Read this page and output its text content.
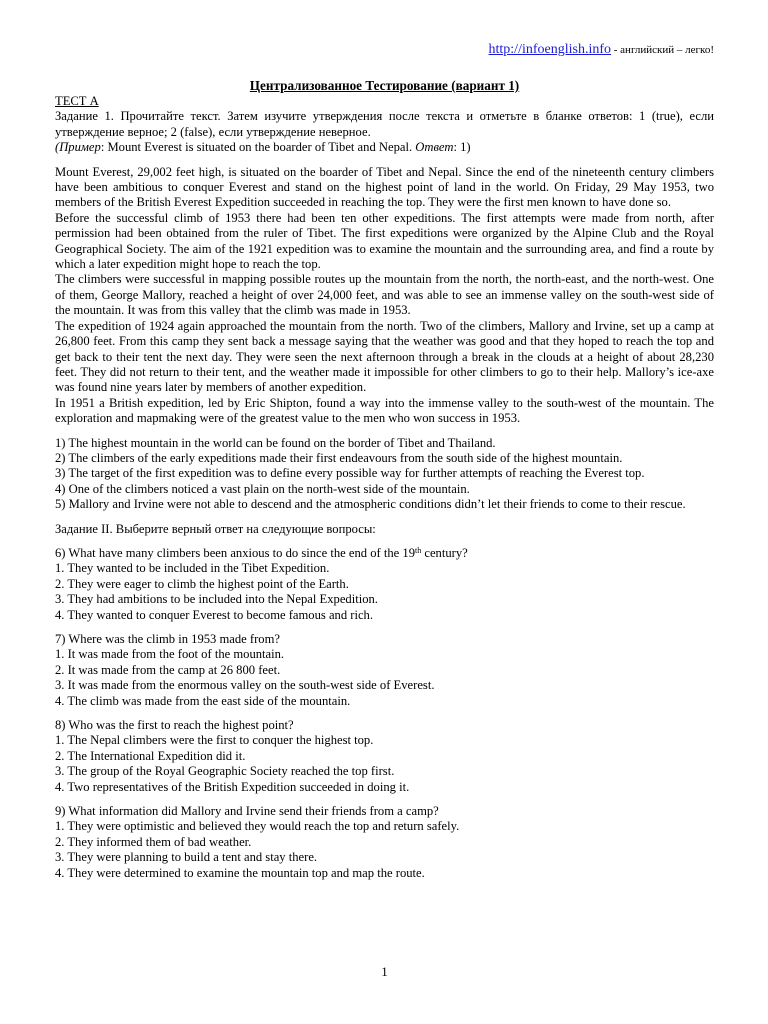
http://infoenglish.info - английский – легко!
Централизованное Тестирование (вариант 1)

ТЕСТ А

Задание 1. Прочитайте текст. Затем изучите утверждения после текста и отметьте в бланке ответов: 1 (true), если утверждение верное; 2 (false), если утверждение неверное.

(Пример: Mount Everest is situated on the boarder of Tibet and Nepal. Ответ: 1)

Mount Everest, 29,002 feet high, is situated on the boarder of Tibet and Nepal. Since the end of the nineteenth century climbers have been ambitious to conquer Everest and stand on the highest point of land in the world. On Friday, 29 May 1953, two members of the British Everest Expedition succeeded in reaching the top. They were the first men known to have done so.

Before the successful climb of 1953 there had been ten other expeditions. The first attempts were made from north, after permission had been obtained from the ruler of Tibet. The first expeditions were organized by the Alpine Club and the Royal Geographical Society. The aim of the 1921 expedition was to examine the mountain and the surrounding area, and find a route by which a later expedition might hope to reach the top.

The climbers were successful in mapping possible routes up the mountain from the north, the north-east, and the north-west. One of them, George Mallory, reached a height of over 24,000 feet, and was able to see an immense valley on the south-west side of the mountain. It was from this valley that the climb was made in 1953.

The expedition of 1924 again approached the mountain from the north. Two of the climbers, Mallory and Irvine, set up a camp at 26,800 feet. From this camp they sent back a message saying that the weather was good and that they hoped to reach the top and get back to their tent the next day. They were seen the next afternoon through a break in the clouds at a height of about 28,230 feet. They did not return to their tent, and the weather made it impossible for other climbers to go to their help. Mallory’s ice-axe was found nine years later by members of another expedition.

In 1951 a British expedition, led by Eric Shipton, found a way into the immense valley to the south-west of the mountain. The exploration and mapmaking were of the greatest value to the men who won success in 1953.

1) The highest mountain in the world can be found on the border of Tibet and Thailand.

2) The climbers of the early expeditions made their first endeavours from the south side of the highest mountain.

3) The target of the first expedition was to define every possible way for further attempts of reaching the Everest top.

4) One of the climbers noticed a vast plain on the north-west side of the mountain.

5) Mallory and Irvine were not able to descend and the atmospheric conditions didn’t let their friends to come to their rescue.

Задание II. Выберите верный ответ на следующие вопросы:

6) What have many climbers been anxious to do since the end of the 19th century?

1. They wanted to be included in the Tibet Expedition.

2. They were eager to climb the highest point of the Earth.

3. They had ambitions to be included into the Nepal Expedition.

4. They wanted to conquer Everest to become famous and rich.

7) Where was the climb in 1953 made from?

1. It was made from the foot of the mountain.

2. It was made from the camp at 26 800 feet.

3. It was made from the enormous valley on the south-west side of Everest.

4. The climb was made from the east side of the mountain.

8) Who was the first to reach the highest point?

1. The Nepal climbers were the first to conquer the highest top.

2. The International Expedition did it.

3. The group of the Royal Geographic Society reached the top first.

4. Two representatives of the British Expedition succeeded in doing it.

9) What information did Mallory and Irvine send their friends from a camp?

1. They were optimistic and believed they would reach the top and return safely.

2. They informed them of bad weather.

3. They were planning to build a tent and stay there.

4. They were determined to examine the mountain top and map the route.

1
